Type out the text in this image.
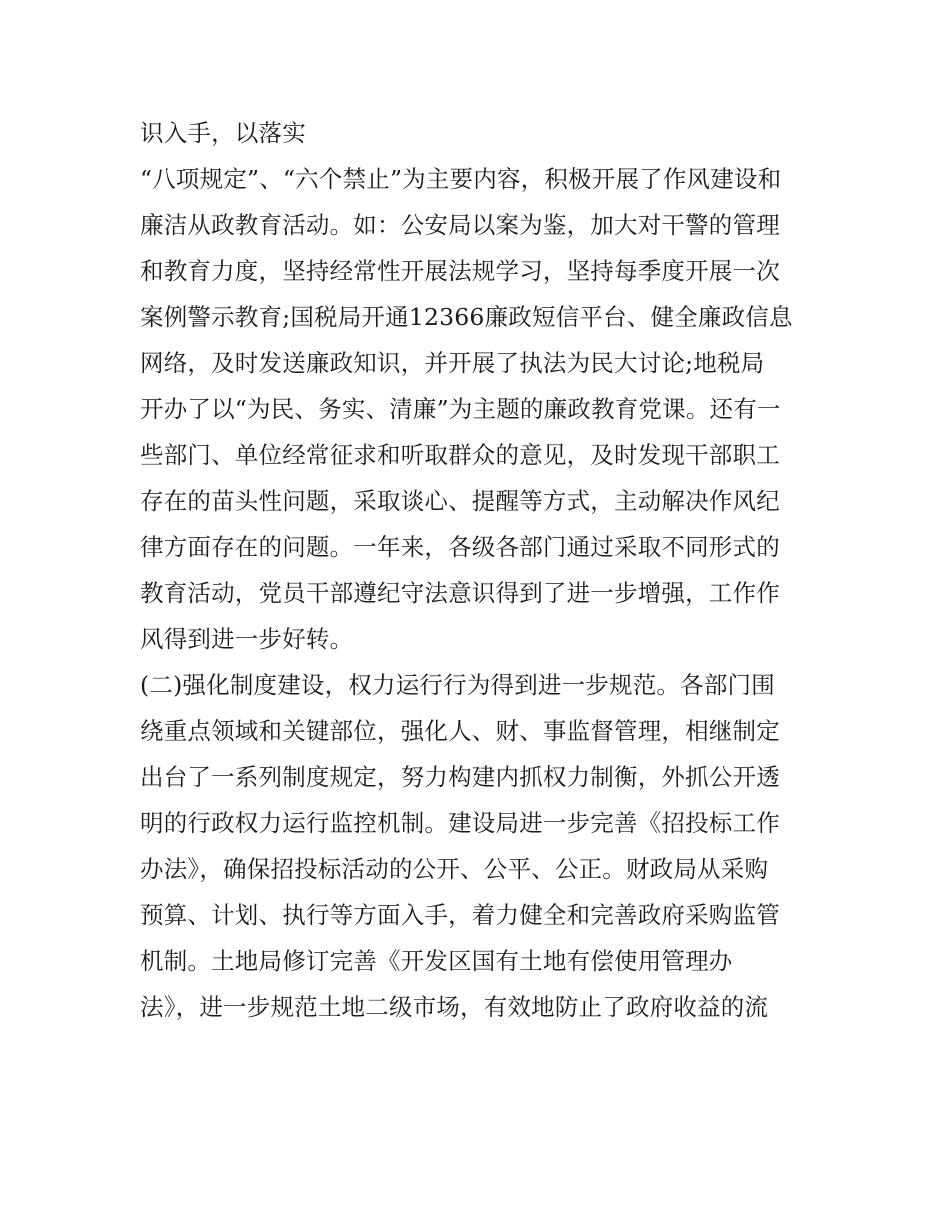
识入手，以落实
“八项规定”、“六个禁止”为主要内容，积极开展了作风建设和
廉洁从政教育活动。如：公安局以案为鉴，加大对干警的管理
和教育力度，坚持经常性开展法规学习，坚持每季度开展一次
案例警示教育;国税局开通12366廉政短信平台、健全廉政信息
网络，及时发送廉政知识，并开展了执法为民大讨论;地税局
开办了以“为民、务实、清廉”为主题的廉政教育党课。还有一
些部门、单位经常征求和听取群众的意见，及时发现干部职工
存在的苗头性问题，采取谈心、提醒等方式，主动解决作风纪
律方面存在的问题。一年来，各级各部门通过采取不同形式的
教育活动，党员干部遵纪守法意识得到了进一步增强，工作作
风得到进一步好转。
(二)强化制度建设，权力运行行为得到进一步规范。各部门围
绕重点领域和关键部位，强化人、财、事监督管理，相继制定
出台了一系列制度规定，努力构建内抓权力制衡，外抓公开透
明的行政权力运行监控机制。建设局进一步完善《招投标工作
办法》，确保招投标活动的公开、公平、公正。财政局从采购
预算、计划、执行等方面入手，着力健全和完善政府采购监管
机制。土地局修订完善《开发区国有土地有偿使用管理办
法》，进一步规范土地二级市场，有效地防止了政府收益的流
